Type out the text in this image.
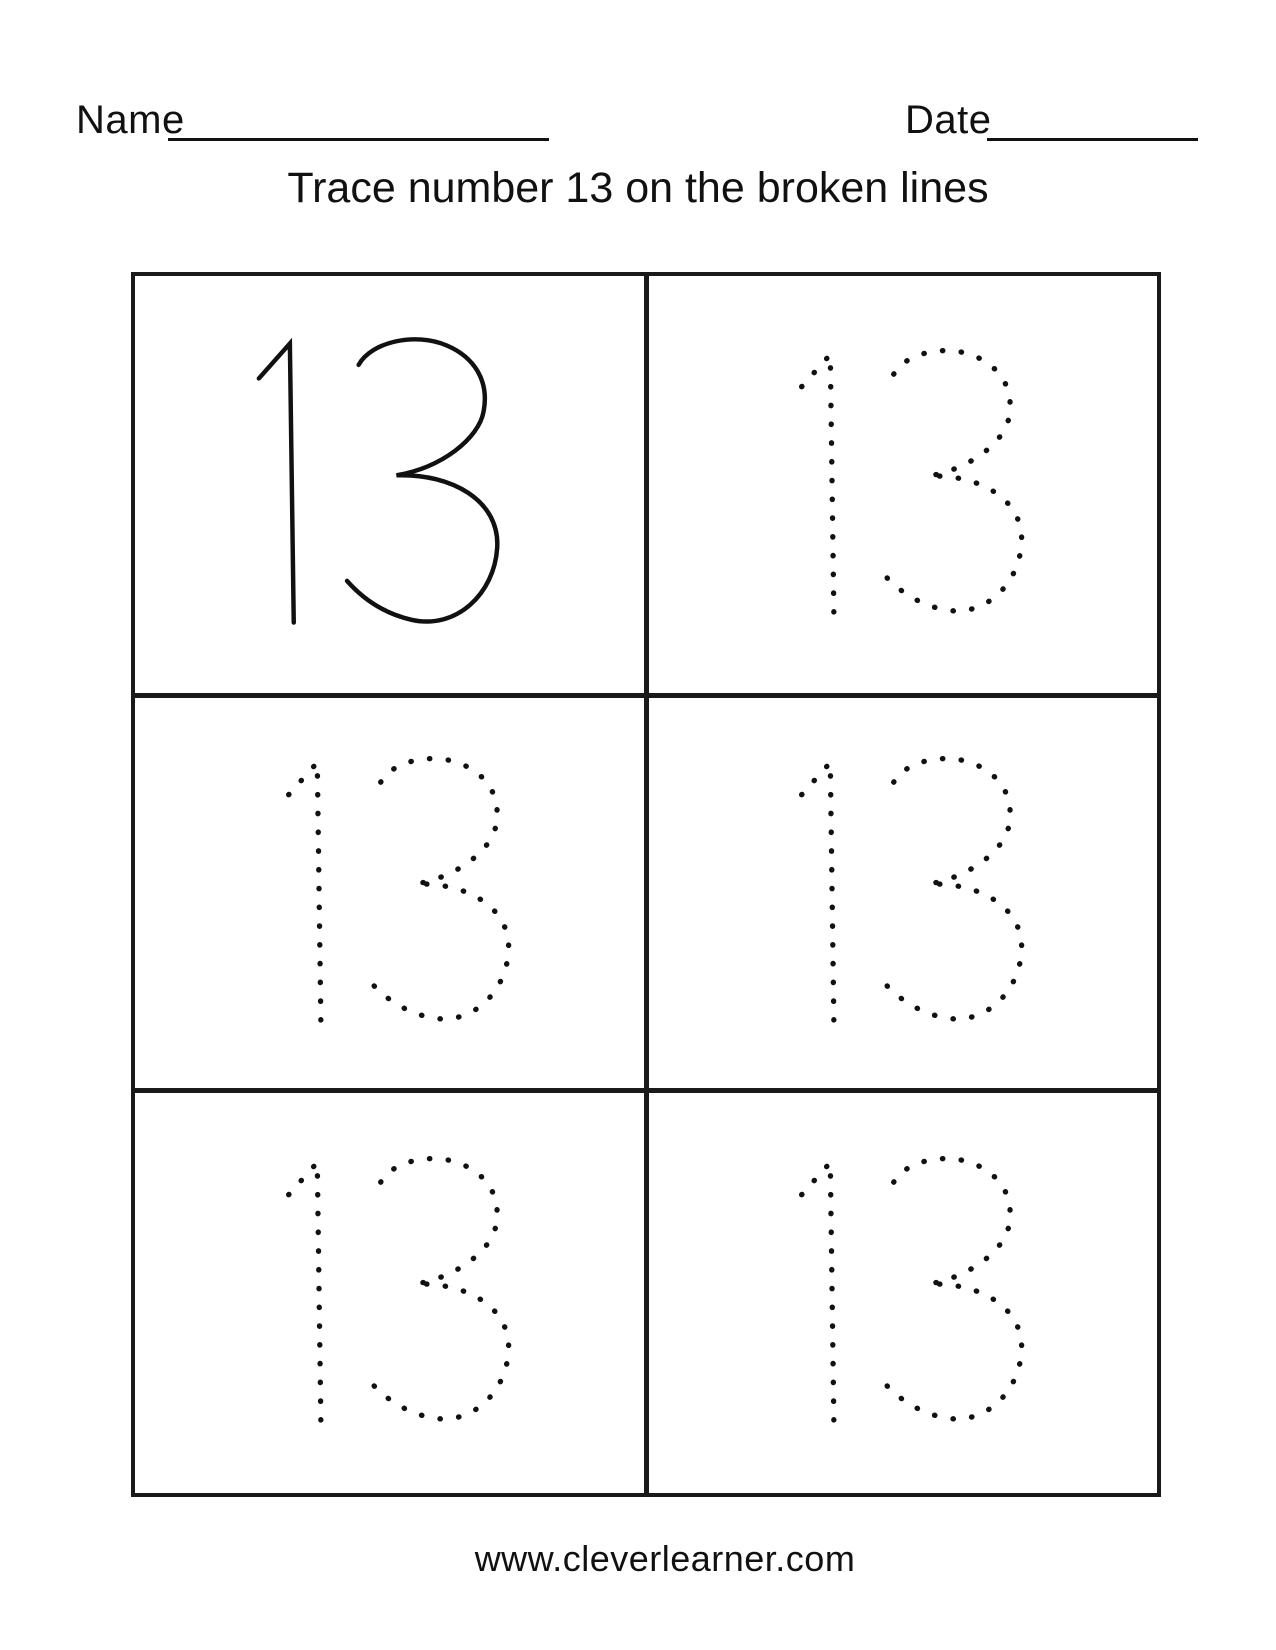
Name	Date
Trace number 13 on the broken lines
www.cleverlearner.com
